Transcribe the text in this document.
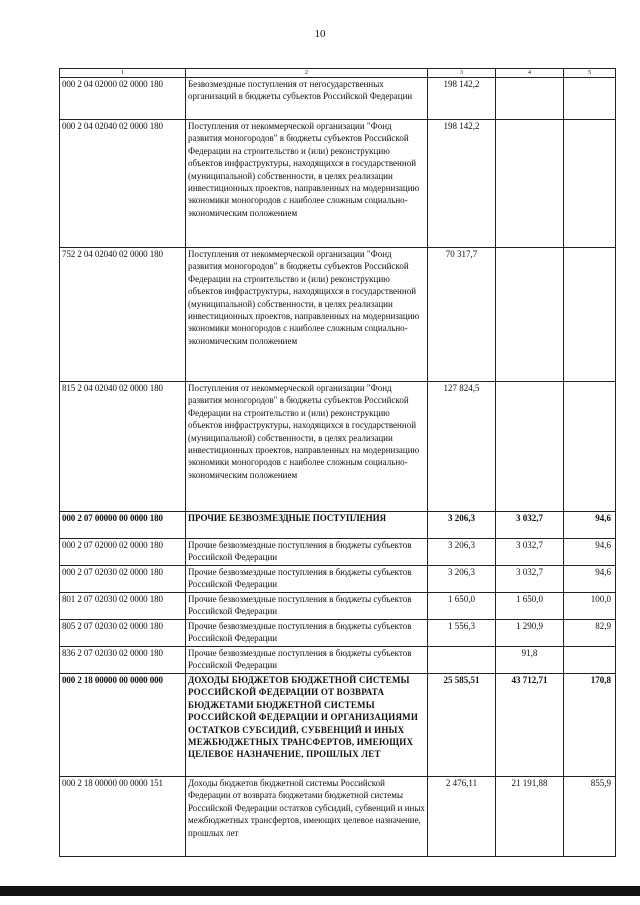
10
1	2	3	4	5
000 2 04 02000 02 0000 180	Безвозмездные поступления от негосударственных организаций в бюджеты субъектов Российской Федерации	198 142,2		
000 2 04 02040 02 0000 180	Поступления от некоммерческой организации "Фонд развития моногородов" в бюджеты субъектов Российской Федерации на строительство и (или) реконструкцию объектов инфраструктуры, находящихся в государственной (муниципальной) собственности, в целях реализации инвестиционных проектов, направленных на модернизацию экономики моногородов с наиболее сложным социально-экономическим положением	198 142,2		
752 2 04 02040 02 0000 180	Поступления от некоммерческой организации "Фонд развития моногородов" в бюджеты субъектов Российской Федерации на строительство и (или) реконструкцию объектов инфраструктуры, находящихся в государственной (муниципальной) собственности, в целях реализации инвестиционных проектов, направленных на модернизацию экономики моногородов с наиболее сложным социально-экономическим положением	70 317,7		
815 2 04 02040 02 0000 180	Поступления от некоммерческой организации "Фонд развития моногородов" в бюджеты субъектов Российской Федерации на строительство и (или) реконструкцию объектов инфраструктуры, находящихся в государственной (муниципальной) собственности, в целях реализации инвестиционных проектов, направленных на модернизацию экономики моногородов с наиболее сложным социально-экономическим положением	127 824,5		
000 2 07 00000 00 0000 180	ПРОЧИЕ БЕЗВОЗМЕЗДНЫЕ ПОСТУПЛЕНИЯ	3 206,3	3 032,7	94,6
000 2 07 02000 02 0000 180	Прочие безвозмездные поступления в бюджеты субъектов Российской Федерации	3 206,3	3 032,7	94,6
000 2 07 02030 02 0000 180	Прочие безвозмездные поступления в бюджеты субъектов Российской Федерации	3 206,3	3 032,7	94,6
801 2 07 02030 02 0000 180	Прочие безвозмездные поступления в бюджеты субъектов Российской Федерации	1 650,0	1 650,0	100,0
805 2 07 02030 02 0000 180	Прочие безвозмездные поступления в бюджеты субъектов Российской Федерации	1 556,3	1 290,9	82,9
836 2 07 02030 02 0000 180	Прочие безвозмездные поступления в бюджеты субъектов Российской Федерации		91,8	
000 2 18 00000 00 0000 000	ДОХОДЫ БЮДЖЕТОВ БЮДЖЕТНОЙ СИСТЕМЫ РОССИЙСКОЙ ФЕДЕРАЦИИ ОТ ВОЗВРАТА БЮДЖЕТАМИ БЮДЖЕТНОЙ СИСТЕМЫ РОССИЙСКОЙ ФЕДЕРАЦИИ И ОРГАНИЗАЦИЯМИ ОСТАТКОВ СУБСИДИЙ, СУБВЕНЦИЙ И ИНЫХ МЕЖБЮДЖЕТНЫХ ТРАНСФЕРТОВ, ИМЕЮЩИХ ЦЕЛЕВОЕ НАЗНАЧЕНИЕ, ПРОШЛЫХ ЛЕТ	25 585,51	43 712,71	170,8
000 2 18 00000 00 0000 151	Доходы бюджетов бюджетной системы Российской Федерации от возврата бюджетами бюджетной системы Российской Федерации остатков субсидий, субвенций и иных межбюджетных трансфертов, имеющих целевое назначение, прошлых лет	2 476,11	21 191,88	855,9
